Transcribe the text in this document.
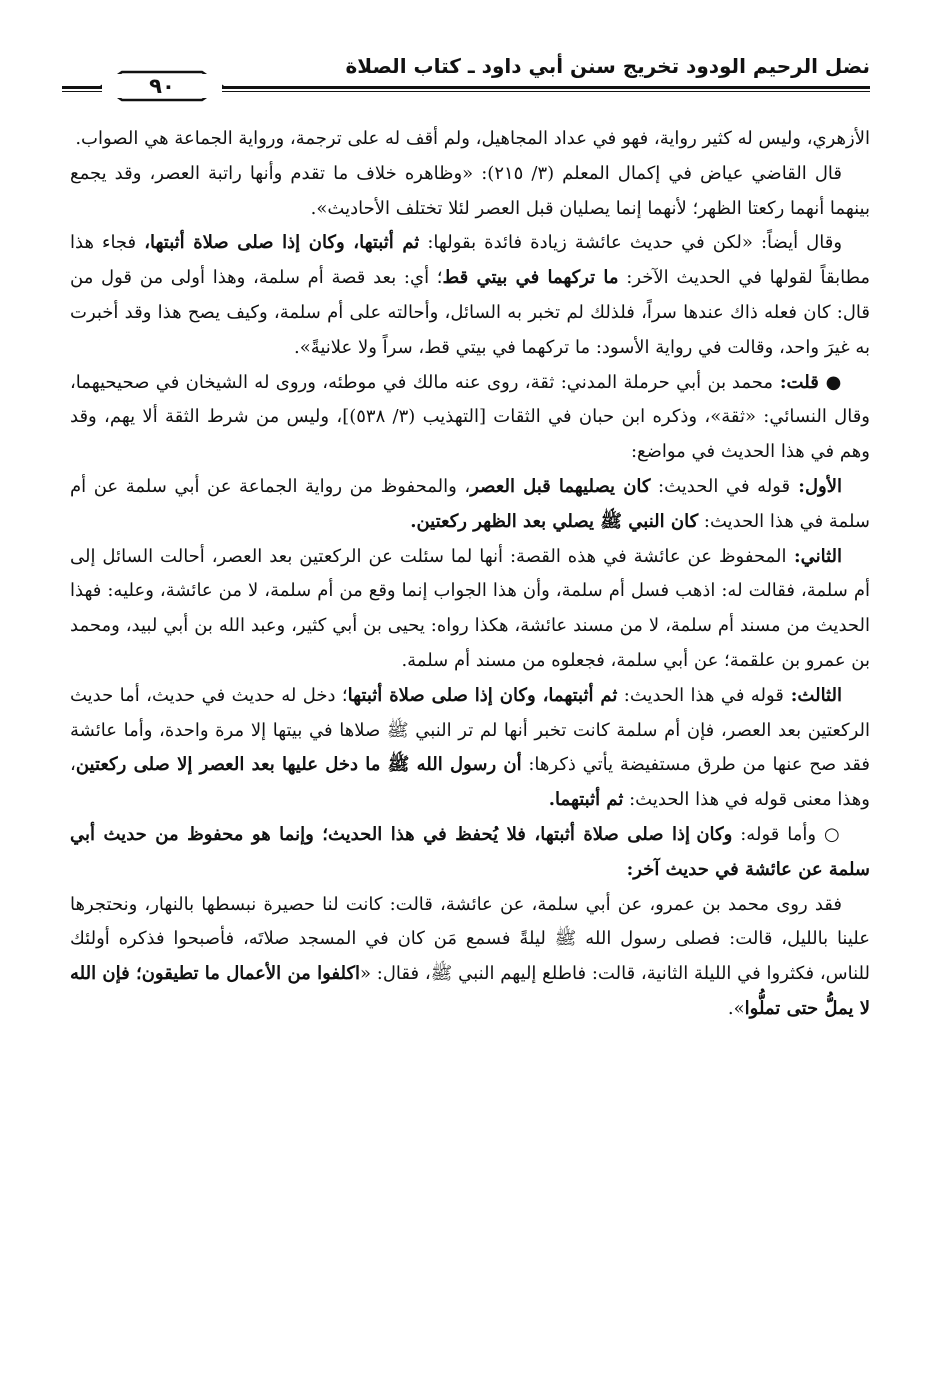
نضل الرحيم الودود تخريج سنن أبي داود ـ كتاب الصلاة
٩٠

الأزهري، وليس له كثير رواية، فهو في عداد المجاهيل، ولم أقف له على ترجمة، ورواية الجماعة هي الصواب.

قال القاضي عياض في إكمال المعلم (٣/ ٢١٥): «وظاهره خلاف ما تقدم وأنها راتبة العصر، وقد يجمع بينهما أنهما ركعتا الظهر؛ لأنهما إنما يصليان قبل العصر لئلا تختلف الأحاديث».

وقال أيضاً: «لكن في حديث عائشة زيادة فائدة بقولها: ثم أثبتها، وكان إذا صلى صلاة أثبتها، فجاء هذا مطابقاً لقولها في الحديث الآخر: ما تركهما في بيتي قط؛ أي: بعد قصة أم سلمة، وهذا أولى من قول من قال: كان فعله ذاك عندها سراً، فلذلك لم تخبر به السائل، وأحالته على أم سلمة، وكيف يصح هذا وقد أخبرت به غيرَ واحد، وقالت في رواية الأسود: ما تركهما في بيتي قط، سراً ولا علانيةً».

● قلت: محمد بن أبي حرملة المدني: ثقة، روى عنه مالك في موطئه، وروى له الشيخان في صحيحيهما، وقال النسائي: «ثقة»، وذكره ابن حبان في الثقات [التهذيب (٣/ ٥٣٨)]، وليس من شرط الثقة ألا يهم، وقد وهم في هذا الحديث في مواضع:

الأول: قوله في الحديث: كان يصليهما قبل العصر، والمحفوظ من رواية الجماعة عن أبي سلمة عن أم سلمة في هذا الحديث: كان النبي ﷺ يصلي بعد الظهر ركعتين.

الثاني: المحفوظ عن عائشة في هذه القصة: أنها لما سئلت عن الركعتين بعد العصر، أحالت السائل إلى أم سلمة، فقالت له: اذهب فسل أم سلمة، وأن هذا الجواب إنما وقع من أم سلمة، لا من عائشة، وعليه: فهذا الحديث من مسند أم سلمة، لا من مسند عائشة، هكذا رواه: يحيى بن أبي كثير، وعبد الله بن أبي لبيد، ومحمد بن عمرو بن علقمة؛ عن أبي سلمة، فجعلوه من مسند أم سلمة.

الثالث: قوله في هذا الحديث: ثم أثبتهما، وكان إذا صلى صلاة أثبتها؛ دخل له حديث في حديث، أما حديث الركعتين بعد العصر، فإن أم سلمة كانت تخبر أنها لم تر النبي ﷺ صلاها في بيتها إلا مرة واحدة، وأما عائشة فقد صح عنها من طرق مستفيضة يأتي ذكرها: أن رسول الله ﷺ ما دخل عليها بعد العصر إلا صلى ركعتين، وهذا معنى قوله في هذا الحديث: ثم أثبتهما.

○ وأما قوله: وكان إذا صلى صلاة أثبتها، فلا يُحفظ في هذا الحديث؛ وإنما هو محفوظ من حديث أبي سلمة عن عائشة في حديث آخر:

فقد روى محمد بن عمرو، عن أبي سلمة، عن عائشة، قالت: كانت لنا حصيرة نبسطها بالنهار، ونحتجرها علينا بالليل، قالت: فصلى رسول الله ﷺ ليلةً فسمع مَن كان في المسجد صلاتَه، فأصبحوا فذكره أولئك للناس، فكثروا في الليلة الثانية، قالت: فاطلع إليهم النبي ﷺ، فقال: «اكلفوا من الأعمال ما تطيقون؛ فإن الله لا يملُّ حتى تملُّوا».
